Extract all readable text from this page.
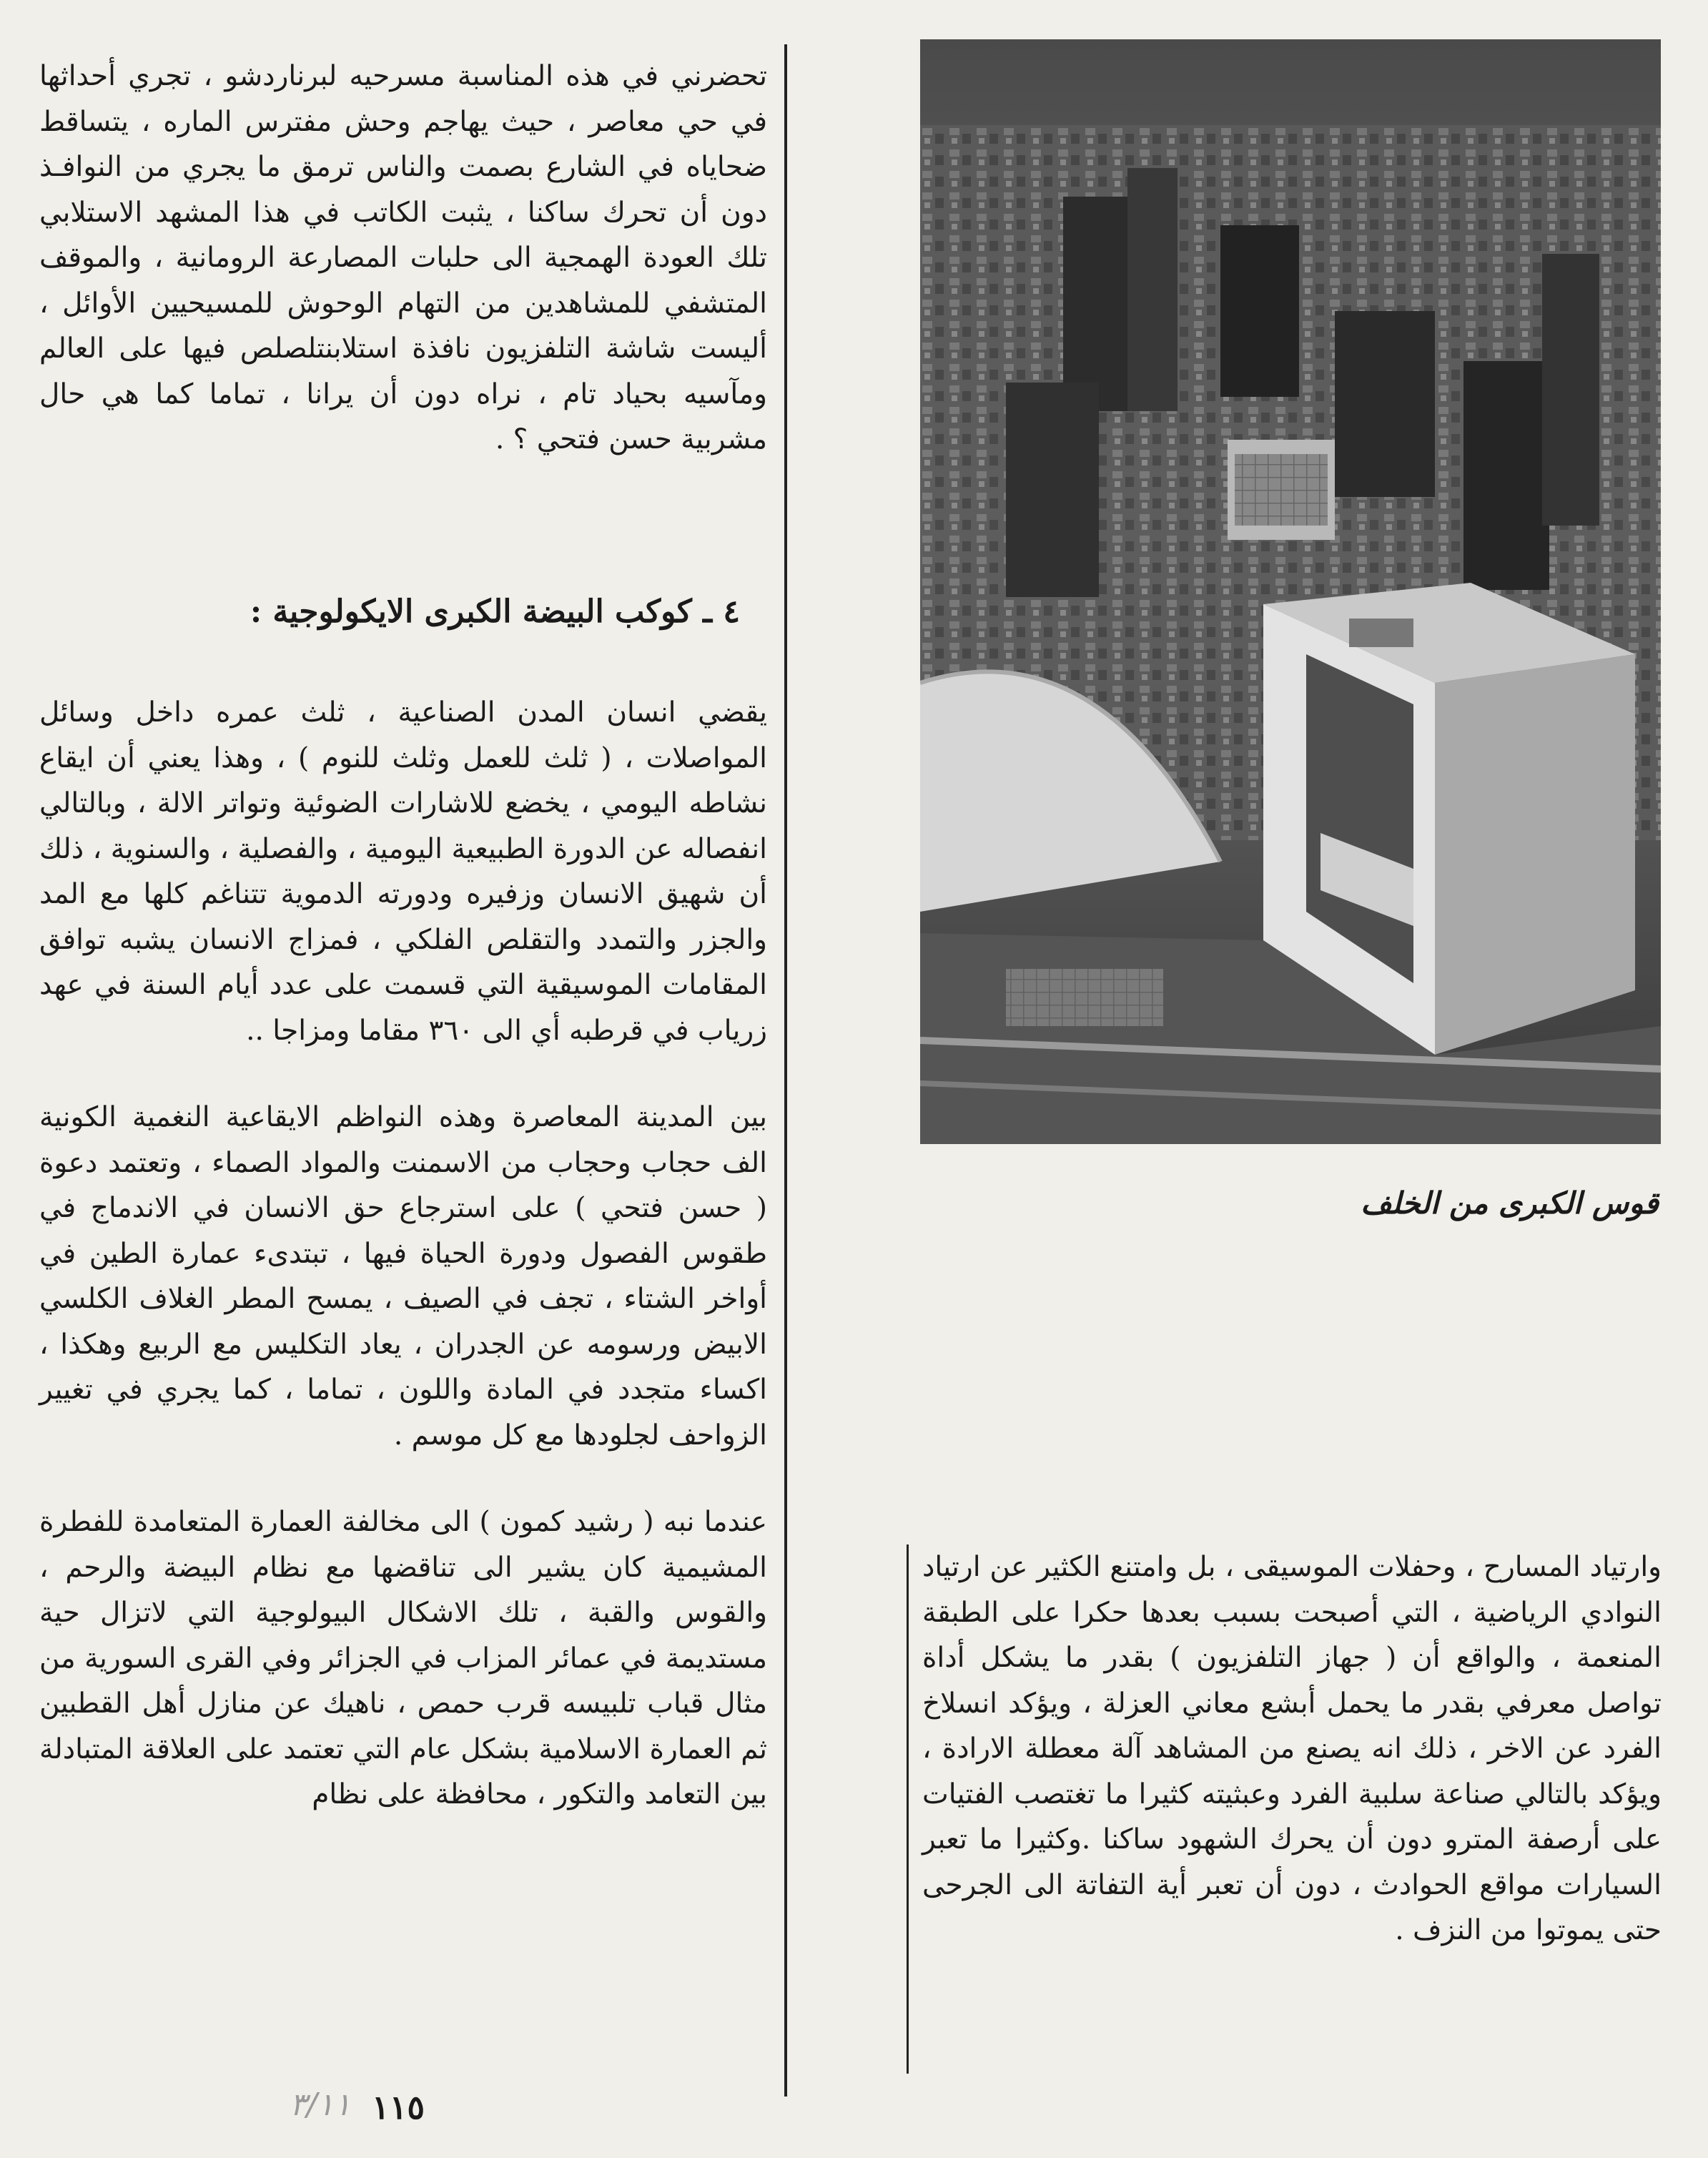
قوس الكبرى من الخلف

تحضرني في هذه المناسبة مسرحيه لبرناردشو ، تجري أحداثها في حي معاصر ، حيث يهاجم وحش مفترس الماره ، يتساقط ضحاياه في الشارع بصمت والناس ترمق ما يجري من النوافـذ دون أن تحرك ساكنا ، يثبت الكاتب في هذا المشهد الاستلابي تلك العودة الهمجية الى حلبات المصارعة الرومانية ، والموقف المتشفي للمشاهدين من التهام الوحوش للمسيحيين الأوائل ، أليست شاشة التلفزيون نافذة استلابنتلصلص فيها على العالم ومآسيه بحياد تام ، نراه دون أن يرانا ، تماما كما هي حال مشربية حسن فتحي ؟ .

٤ ـ كوكب البيضة الكبرى الايكولوجية :

يقضي انسان المدن الصناعية ، ثلث عمره داخل وسائل المواصلات ، ( ثلث للعمل وثلث للنوم ) ، وهذا يعني أن ايقاع نشاطه اليومي ، يخضع للاشارات الضوئية وتواتر الالة ، وبالتالي انفصاله عن الدورة الطبيعية اليومية ، والفصلية ، والسنوية ، ذلك أن شهيق الانسان وزفيره ودورته الدموية تتناغم كلها مع المد والجزر والتمدد والتقلص الفلكي ، فمزاج الانسان يشبه توافق المقامات الموسيقية التي قسمت على عدد أيام السنة في عهد زرياب في قرطبه أي الى ٣٦٠ مقاما ومزاجا ..

بين المدينة المعاصرة وهذه النواظم الايقاعية النغمية الكونية الف حجاب وحجاب من الاسمنت والمواد الصماء ، وتعتمد دعوة ( حسن فتحي ) على استرجاع حق الانسان في الاندماج في طقوس الفصول ودورة الحياة فيها ، تبتدىء عمارة الطين في أواخر الشتاء ، تجف في الصيف ، يمسح المطر الغلاف الكلسي الابيض ورسومه عن الجدران ، يعاد التكليس مع الربيع وهكذا ، اكساء متجدد في المادة واللون ، تماما ، كما يجري في تغيير الزواحف لجلودها مع كل موسم .

عندما نبه ( رشيد كمون ) الى مخالفة العمارة المتعامدة للفطرة المشيمية كان يشير الى تناقضها مع نظام البيضة والرحم ، والقوس والقبة ، تلك الاشكال البيولوجية التي لاتزال حية مستديمة في عمائر المزاب في الجزائر وفي القرى السورية من مثال قباب تلبيسه قرب حمص ، ناهيك عن منازل أهل القطبين ثم العمارة الاسلامية بشكل عام التي تعتمد على العلاقة المتبادلة بين التعامد والتكور ، محافظة على نظام

وارتياد المسارح ، وحفلات الموسيقى ، بل وامتنع الكثير عن ارتياد النوادي الرياضية ، التي أصبحت بسبب بعدها حكرا على الطبقة المنعمة ، والواقع أن ( جهاز التلفزيون ) بقدر ما يشكل أداة تواصل معرفي بقدر ما يحمل أبشع معاني العزلة ، ويؤكد انسلاخ الفرد عن الاخر ، ذلك انه يصنع من المشاهد آلة معطلة الارادة ، ويؤكد بالتالي صناعة سلبية الفرد وعبثيته كثيرا ما تغتصب الفتيات على أرصفة المترو دون أن يحرك الشهود ساكنا .وكثيرا ما تعبر السيارات مواقع الحوادث ، دون أن تعبر أية التفاتة الى الجرحى حتى يموتوا من النزف .

١١٥
٣/١١
